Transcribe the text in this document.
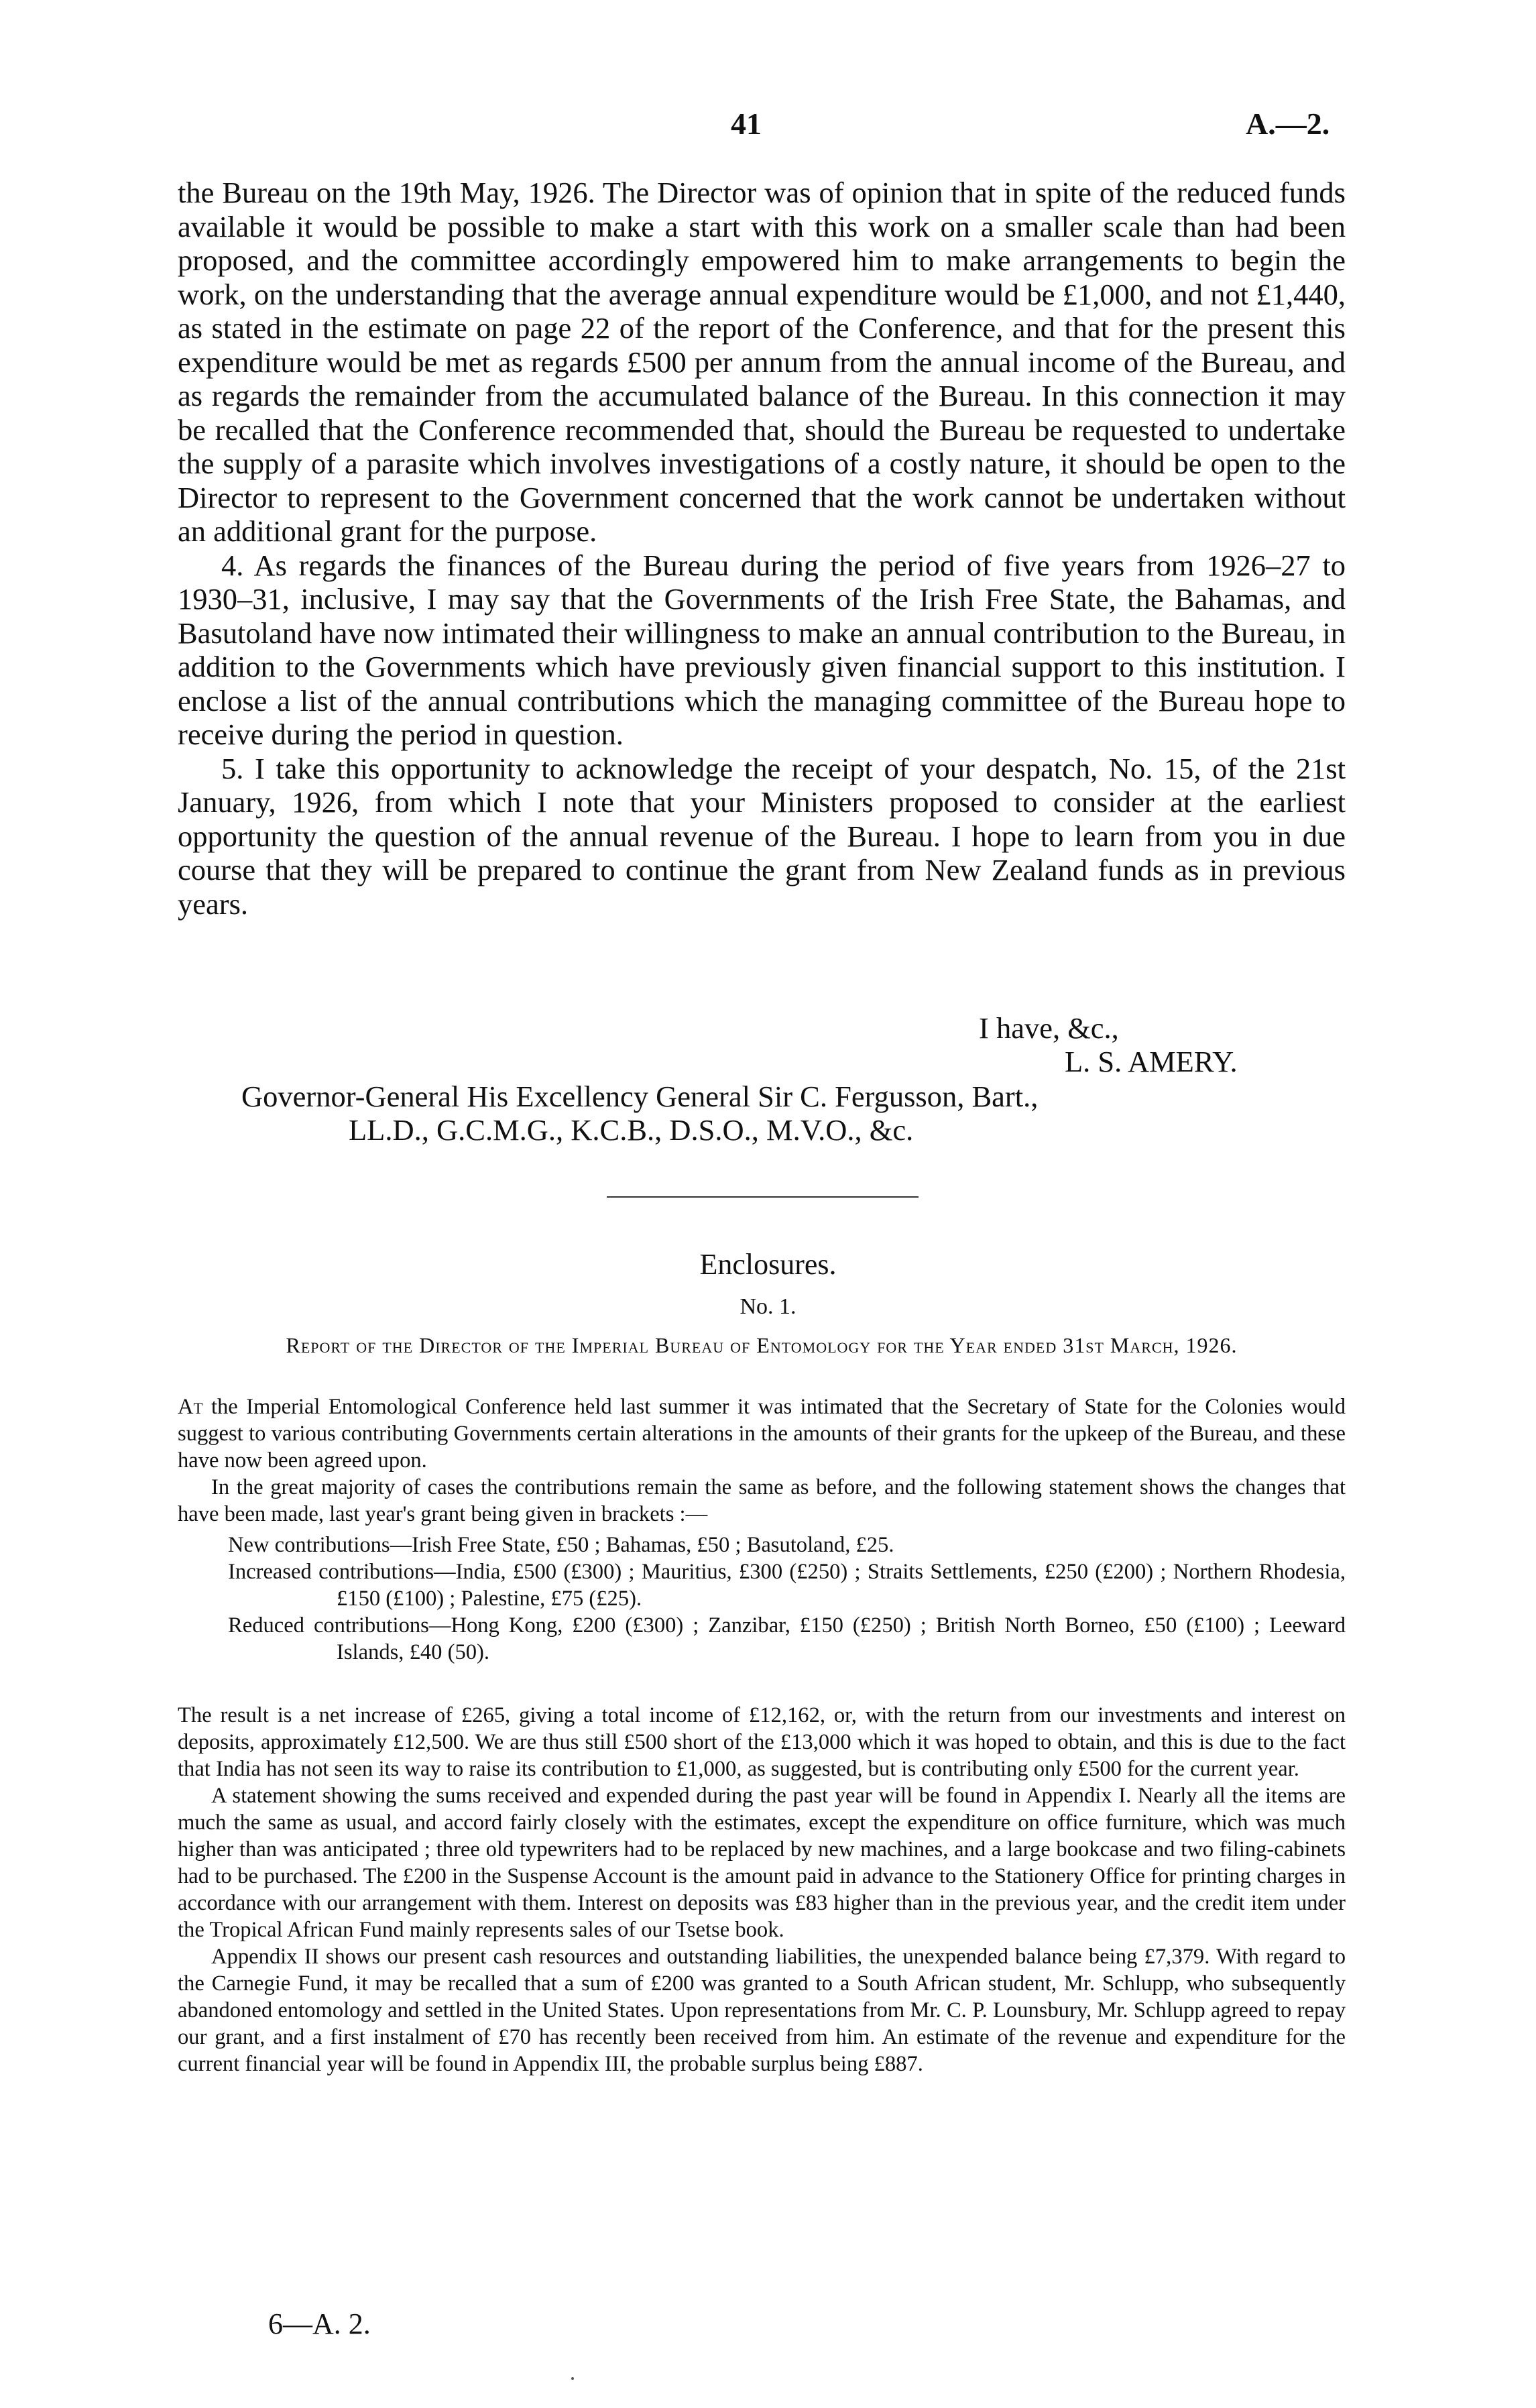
41	A.—2.

the Bureau on the 19th May, 1926. The Director was of opinion that in spite of the reduced funds available it would be possible to make a start with this work on a smaller scale than had been proposed, and the committee accordingly empowered him to make arrangements to begin the work, on the understanding that the average annual expenditure would be £1,000, and not £1,440, as stated in the estimate on page 22 of the report of the Conference, and that for the present this expenditure would be met as regards £500 per annum from the annual income of the Bureau, and as regards the remainder from the accumulated balance of the Bureau. In this connection it may be recalled that the Conference recommended that, should the Bureau be requested to undertake the supply of a parasite which involves investigations of a costly nature, it should be open to the Director to represent to the Government concerned that the work cannot be undertaken without an additional grant for the purpose.

4. As regards the finances of the Bureau during the period of five years from 1926–27 to 1930–31, inclusive, I may say that the Governments of the Irish Free State, the Bahamas, and Basutoland have now intimated their willingness to make an annual contribution to the Bureau, in addition to the Governments which have previously given financial support to this institution. I enclose a list of the annual contributions which the managing committee of the Bureau hope to receive during the period in question.

5. I take this opportunity to acknowledge the receipt of your despatch, No. 15, of the 21st January, 1926, from which I note that your Ministers proposed to consider at the earliest opportunity the question of the annual revenue of the Bureau. I hope to learn from you in due course that they will be prepared to continue the grant from New Zealand funds as in previous years.

I have, &c.,
L. S. AMERY.
Governor-General His Excellency General Sir C. Fergusson, Bart.,
LL.D., G.C.M.G., K.C.B., D.S.O., M.V.O., &c.
Enclosures.
No. 1.
Report of the Director of the Imperial Bureau of Entomology for the Year ended 31st March, 1926.

At the Imperial Entomological Conference held last summer it was intimated that the Secretary of State for the Colonies would suggest to various contributing Governments certain alterations in the amounts of their grants for the upkeep of the Bureau, and these have now been agreed upon.

In the great majority of cases the contributions remain the same as before, and the following statement shows the changes that have been made, last year's grant being given in brackets :—

New contributions—Irish Free State, £50 ; Bahamas, £50 ; Basutoland, £25.

Increased contributions—India, £500 (£300) ; Mauritius, £300 (£250) ; Straits Settlements, £250 (£200) ; Northern Rhodesia, £150 (£100) ; Palestine, £75 (£25).

Reduced contributions—Hong Kong, £200 (£300) ; Zanzibar, £150 (£250) ; British North Borneo, £50 (£100) ; Leeward Islands, £40 (50).

The result is a net increase of £265, giving a total income of £12,162, or, with the return from our investments and interest on deposits, approximately £12,500. We are thus still £500 short of the £13,000 which it was hoped to obtain, and this is due to the fact that India has not seen its way to raise its contribution to £1,000, as suggested, but is contributing only £500 for the current year.

A statement showing the sums received and expended during the past year will be found in Appendix I. Nearly all the items are much the same as usual, and accord fairly closely with the estimates, except the expenditure on office furniture, which was much higher than was anticipated ; three old typewriters had to be replaced by new machines, and a large bookcase and two filing-cabinets had to be purchased. The £200 in the Suspense Account is the amount paid in advance to the Stationery Office for printing charges in accordance with our arrangement with them. Interest on deposits was £83 higher than in the previous year, and the credit item under the Tropical African Fund mainly represents sales of our Tsetse book.

Appendix II shows our present cash resources and outstanding liabilities, the unexpended balance being £7,379. With regard to the Carnegie Fund, it may be recalled that a sum of £200 was granted to a South African student, Mr. Schlupp, who subsequently abandoned entomology and settled in the United States. Upon representations from Mr. C. P. Lounsbury, Mr. Schlupp agreed to repay our grant, and a first instalment of £70 has recently been received from him. An estimate of the revenue and expenditure for the current financial year will be found in Appendix III, the probable surplus being £887.

6—A. 2.
